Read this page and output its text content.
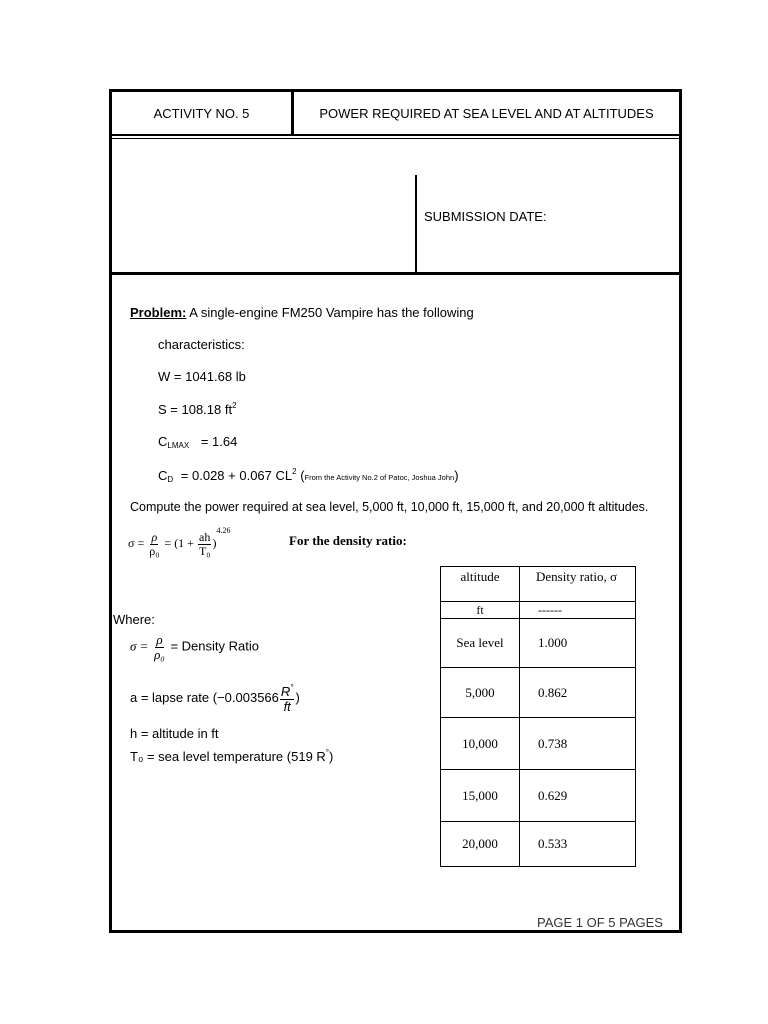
ACTIVITY NO. 5	POWER REQUIRED AT SEA LEVEL AND AT ALTITUDES
SUBMISSION DATE:
Problem: A single-engine FM250 Vampire has the following
characteristics:
W = 1041.68 lb
S = 108.18 $ft^2$
$C_{LMAX} = 1.64$
$C_D = 0.028 + 0.067$ $CL^2$ (From the Activity No.2 of Patoc, Joshua John)
Compute the power required at sea level, 5,000 ft, 10,000 ft, 15,000 ft, and 20,000 ft altitudes.
$\sigma = \frac{\rho}{\text{ρ₀}} = (1 + \frac{ah}{\text{T₀}} )^{4.26}$
For the density ratio:
Where:
$\sigma = \frac{\rho}{\text{ρ₀}}$ = Density Ratio
a = lapse rate ($-0.003566 \frac{R^\circ}{ft}$ )
h = altitude in ft
T₀ = sea level temperature (519 R°)
altitude	Density ratio, σ
ft	------
Sea level	1.000
5,000	0.862
10,000	0.738
15,000	0.629
20,000	0.533
PAGE 1 OF 5 PAGES
